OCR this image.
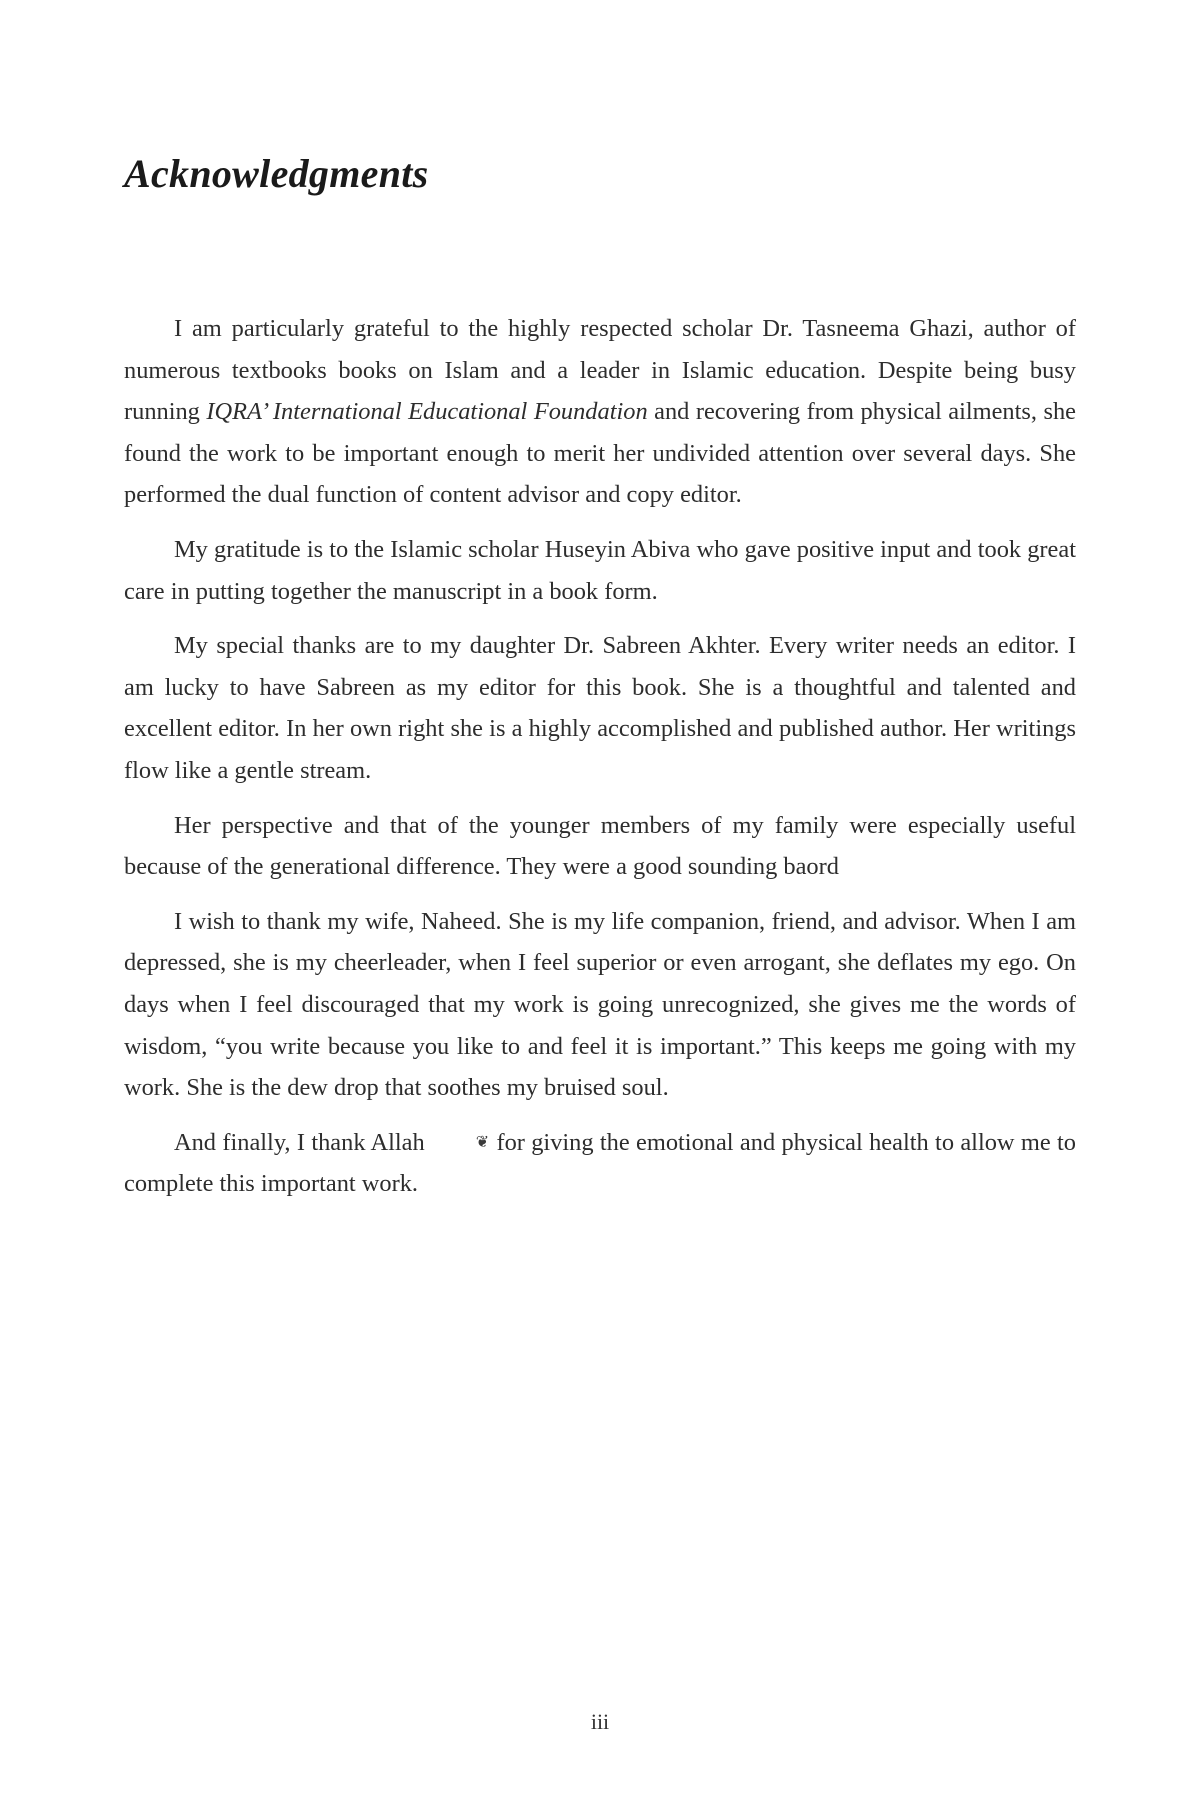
Acknowledgments

I am particularly grateful to the highly respected scholar Dr. Tasneema Ghazi, author of numerous textbooks books on Islam and a leader in Islamic education. Despite being busy running IQRA’ International Educational Foundation and recovering from physical ailments, she found the work to be important enough to merit her undivided attention over several days. She performed the dual function of content advisor and copy editor.

My gratitude is to the Islamic scholar Huseyin Abiva who gave positive input and took great care in putting together the manuscript in a book form.

My special thanks are to my daughter Dr. Sabreen Akhter. Every writer needs an editor. I am lucky to have Sabreen as my editor for this book. She is a thoughtful and talented and excellent editor. In her own right she is a highly accomplished and published author. Her writings flow like a gentle stream.

Her perspective and that of the younger members of my family were especially useful because of the generational difference. They were a good sounding baord

I wish to thank my wife, Naheed. She is my life companion, friend, and advisor. When I am depressed, she is my cheerleader, when I feel superior or even arrogant, she deflates my ego. On days when I feel discouraged that my work is going unrecognized, she gives me the words of wisdom, “you write because you like to and feel it is important.” This keeps me going with my work. She is the dew drop that soothes my bruised soul.

And finally, I thank Allah	❦ for giving the emotional and physical health to allow me to complete this important work.

iii
